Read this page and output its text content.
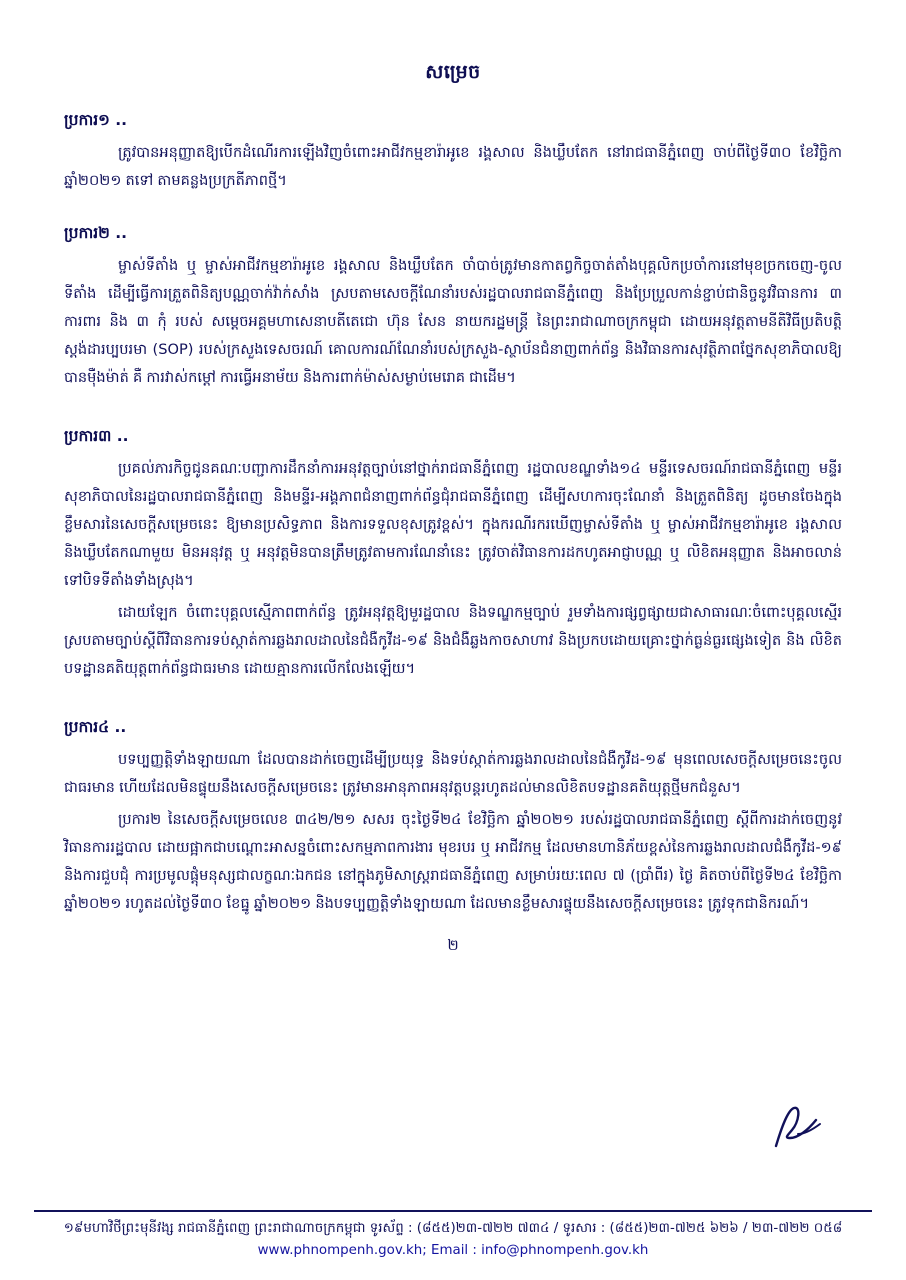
សម្រេច
ប្រការ១ ..

ត្រូវបានអនុញ្ញាតឱ្យបើកដំណើរការឡើងវិញចំពោះអាជីវកម្មខារ៉ាអូខេ រង្គសាល និងឃ្លឹបតែក នៅរាជធានីភ្នំពេញ ចាប់ពីថ្ងៃទី៣០ ខែវិច្ឆិកា ឆ្នាំ២០២១ តទៅ តាមគន្លងប្រក្រតីភាពថ្មី។

ប្រការ២ ..

ម្ចាស់ទីតាំង ឬ ម្ចាស់អាជីវកម្មខារ៉ាអូខេ រង្គសាល និងឃ្លឹបតែក ចាំបាច់ត្រូវមានកាតព្វកិច្ចចាត់តាំងបុគ្គលិកប្រចាំការនៅមុខច្រកចេញ-ចូលទីតាំង ដើម្បីធ្វើការត្រួតពិនិត្យបណ្ណចាក់វ៉ាក់សាំង ស្របតាមសេចក្ដីណែនាំរបស់រដ្ឋបាលរាជធានីភ្នំពេញ និងប្រែប្រួលកាន់ខ្ជាប់ជានិច្ចនូវវិធានការ ៣ ការពារ និង ៣ កុំ របស់ សម្ដេចអគ្គមហាសេនាបតីតេជោ ហ៊ុន សែន នាយករដ្ឋមន្ត្រី នៃព្រះរាជាណាចក្រកម្ពុជា ដោយអនុវត្តតាមនីតិវិធីប្រតិបត្តិស្ដង់ដារប្បបរមា (SOP) របស់ក្រសួងទេសចរណ៍ គោលការណ៍ណែនាំរបស់ក្រសួង-ស្ថាប័នជំនាញពាក់ព័ន្ធ និងវិធានការសុវត្ថិភាពថ្នែកសុខាភិបាលឱ្យបានម៉ឺងម៉ាត់ គឺ ការវាស់កម្ដៅ ការធ្វើអនាម័យ និងការពាក់ម៉ាស់សម្ងាប់មេរោគ ជាដើម។

ប្រការ៣ ..

ប្រគល់ភារកិច្ចជូនគណៈបញ្ជាការដឹកនាំការអនុវត្តច្បាប់នៅថ្នាក់រាជធានីភ្នំពេញ រដ្ឋបាលខណ្ឌទាំង១៤ មន្ទីរទេសចរណ៍រាជធានីភ្នំពេញ មន្ទីរសុខាភិបាលនៃរដ្ឋបាលរាជធានីភ្នំពេញ និងមន្ទីរ-អង្គភាពជំនាញពាក់ព័ន្ធជុំរាជធានីភ្នំពេញ ដើម្បីសហការចុះណែនាំ និងត្រួតពិនិត្យ ដូចមានចែងក្នុងខ្លឹមសារនៃសេចក្ដីសម្រេចនេះ ឱ្យមានប្រសិទ្ធភាព និងការទទួលខុសត្រូវខ្ពស់។ ក្នុងករណីរករឃើញម្ចាស់ទីតាំង ឬ ម្ចាស់អាជីវកម្មខារ៉ាអូខេ រង្គសាល និងឃ្លឹបតែកណាមួយ មិនអនុវត្ត ឬ អនុវត្តមិនបានត្រឹមត្រូវតាមការណែនាំនេះ ត្រូវចាត់វិធានការដកហូតអាជ្ញាបណ្ណ ឬ លិខិតអនុញ្ញាត និងអាចលាន់ទៅបិទទីតាំងទាំងស្រុង។

ដោយឡែក ចំពោះបុគ្គលស្មើភាពពាក់ព័ន្ធ ត្រូវអនុវត្តឱ្យមួរដ្ឋបាល និងទណ្ឌកម្មច្បាប់ រួមទាំងការផ្សព្វផ្សាយជាសាធារណៈចំពោះបុគ្គលស្មើរ ស្របតាមច្បាប់ស្ដីពីវិធានការទប់ស្កាត់ការឆ្លងរាលដាលនៃជំងឺកូវីដ-១៩ និងជំងឺឆ្លងកាចសាហាវ និងប្រកបដោយគ្រោះថ្នាក់ធ្ងន់ធ្ងរផ្សេងទៀត និង លិខិតបទដ្ឋានគតិយុត្តពាក់ព័ន្ធជាធរមាន ដោយគ្មានការលើកលែងឡើយ។

ប្រការ៤ ..

បទប្បញ្ញត្តិទាំងឡាយណា ដែលបានដាក់ចេញដើម្បីប្រយុទ្ធ និងទប់ស្កាត់ការឆ្លងរាលដាលនៃជំងឺកូវីដ-១៩ មុនពេលសេចក្ដីសម្រេចនេះចូលជាធរមាន ហើយដែលមិនផ្ទុយនឹងសេចក្ដីសម្រេចនេះ ត្រូវមានអានុភាពអនុវត្តបន្តរហូតដល់មានលិខិតបទដ្ឋានគតិយុត្តថ្មីមកជំនួស។

ប្រការ២ នៃសេចក្ដីសម្រេចលេខ ៣៤២/២១ សសរ ចុះថ្ងៃទី២៤ ខែវិច្ឆិកា ឆ្នាំ២០២១ របស់រដ្ឋបាលរាជធានីភ្នំពេញ ស្ដីពីការដាក់ចេញនូវវិធានការរដ្ឋបាល ដោយផ្អាកជាបណ្ដោះអាសន្នចំពោះសកម្មភាពការងារ មុខរបរ ឬ អាជីវកម្ម ដែលមានហានិភ័យខ្ពស់នៃការឆ្លងរាលដាលជំងឺកូវីដ-១៩ និងការជួបជុំ ការប្រមូលផ្ដុំមនុស្សជាលក្ខណៈឯកជន នៅក្នុងភូមិសាស្ត្ររាជធានីភ្នំពេញ សម្រាប់រយៈពេល ៧ (ប្រាំពីរ) ថ្ងៃ គិតចាប់ពីថ្ងៃទី២៤ ខែវិច្ឆិកា ឆ្នាំ២០២១ រហូតដល់ថ្ងៃទី៣០ ខែធ្នូ ឆ្នាំ២០២១ និងបទប្បញ្ញត្តិទាំងឡាយណា ដែលមានខ្លឹមសារផ្ទុយនឹងសេចក្ដីសម្រេចនេះ ត្រូវទុកជានិករណ៍។

២
១៩មហាវិថីព្រះមុនីវង្ស រាជធានីភ្នំពេញ ព្រះរាជាណាចក្រកម្ពុជា ទូរស័ព្ទ : (៨៥៥)២៣-៧២២ ៧៣៤ / ទូរសារ : (៨៥៥)២៣-៧២៥ ៦២៦ / ២៣-៧២២ ០៥៨
www.phnompenh.gov.kh; Email : info@phnompenh.gov.kh
